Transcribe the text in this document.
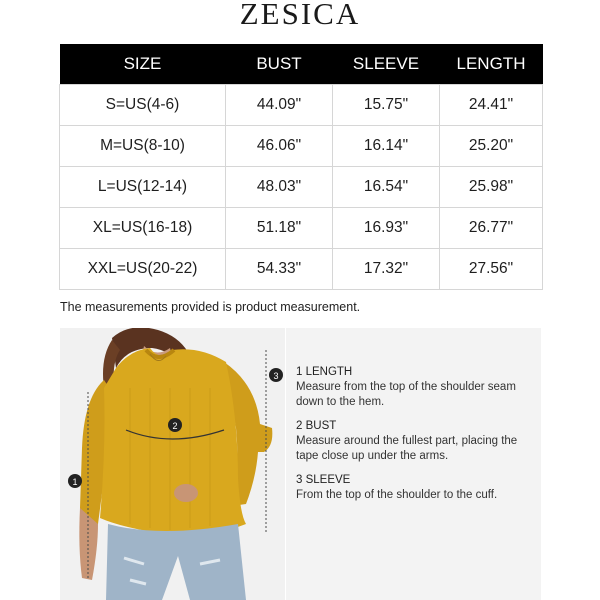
ZESICA
SIZE	BUST	SLEEVE	LENGTH
S=US(4-6)	44.09"	15.75"	24.41"
M=US(8-10)	46.06"	16.14"	25.20"
L=US(12-14)	48.03"	16.54"	25.98"
XL=US(16-18)	51.18"	16.93"	26.77"
XXL=US(20-22)	54.33"	17.32"	27.56"
The measurements provided is product measurement.
1
2
3 1 LENGTH
Measure from the top of the shoulder seam down to the hem.
2 BUST
Measure around the fullest part, placing the tape close up under the arms.
3 SLEEVE
From the top of the shoulder to the cuff.
